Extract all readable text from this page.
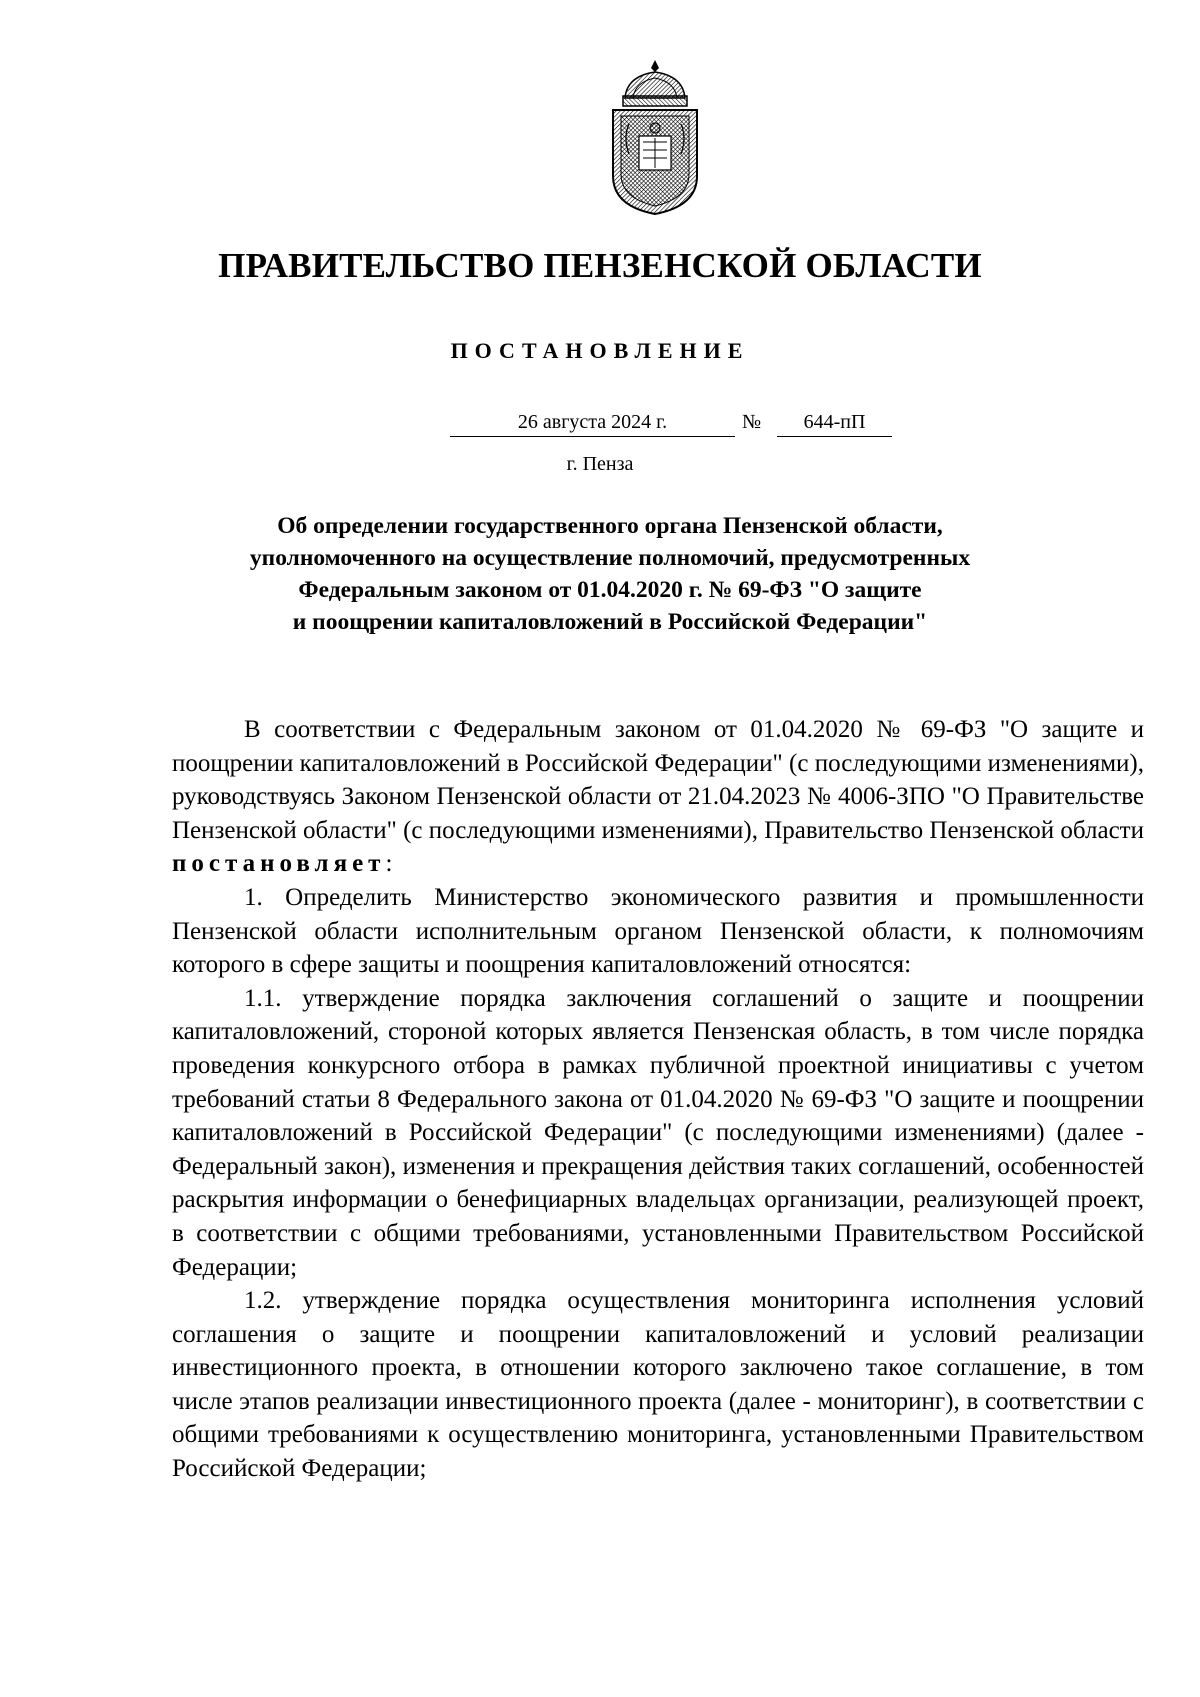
ПРАВИТЕЛЬСТВО ПЕНЗЕНСКОЙ ОБЛАСТИ
ПОСТАНОВЛЕНИЕ
26 августа 2024 г.	№	644-пП
г. Пенза
Об определении государственного органа Пензенской области,
уполномоченного на осуществление полномочий, предусмотренных
Федеральным законом от 01.04.2020 г. № 69-ФЗ "О защите
и поощрении капиталовложений в Российской Федерации"

В соответствии с Федеральным законом от 01.04.2020 № 69-ФЗ "О защите и поощрении капиталовложений в Российской Федерации" (с последующими изменениями), руководствуясь Законом Пензенской области от 21.04.2023 № 4006-ЗПО "О Правительстве Пензенской области" (с последующими изменениями), Правительство Пензенской области постановляет:

1. Определить Министерство экономического развития и промышленности Пензенской области исполнительным органом Пензенской области, к полномочиям которого в сфере защиты и поощрения капиталовложений относятся:

1.1. утверждение порядка заключения соглашений о защите и поощрении капиталовложений, стороной которых является Пензенская область, в том числе порядка проведения конкурсного отбора в рамках публичной проектной инициативы с учетом требований статьи 8 Федерального закона от 01.04.2020 № 69-ФЗ "О защите и поощрении капиталовложений в Российской Федерации" (с последующими изменениями) (далее - Федеральный закон), изменения и прекращения действия таких соглашений, особенностей раскрытия информации о бенефициарных владельцах организации, реализующей проект, в соответствии с общими требованиями, установленными Правительством Российской Федерации;

1.2. утверждение порядка осуществления мониторинга исполнения условий соглашения о защите и поощрении капиталовложений и условий реализации инвестиционного проекта, в отношении которого заключено такое соглашение, в том числе этапов реализации инвестиционного проекта (далее - мониторинг), в соответствии с общими требованиями к осуществлению мониторинга, установленными Правительством Российской Федерации;
